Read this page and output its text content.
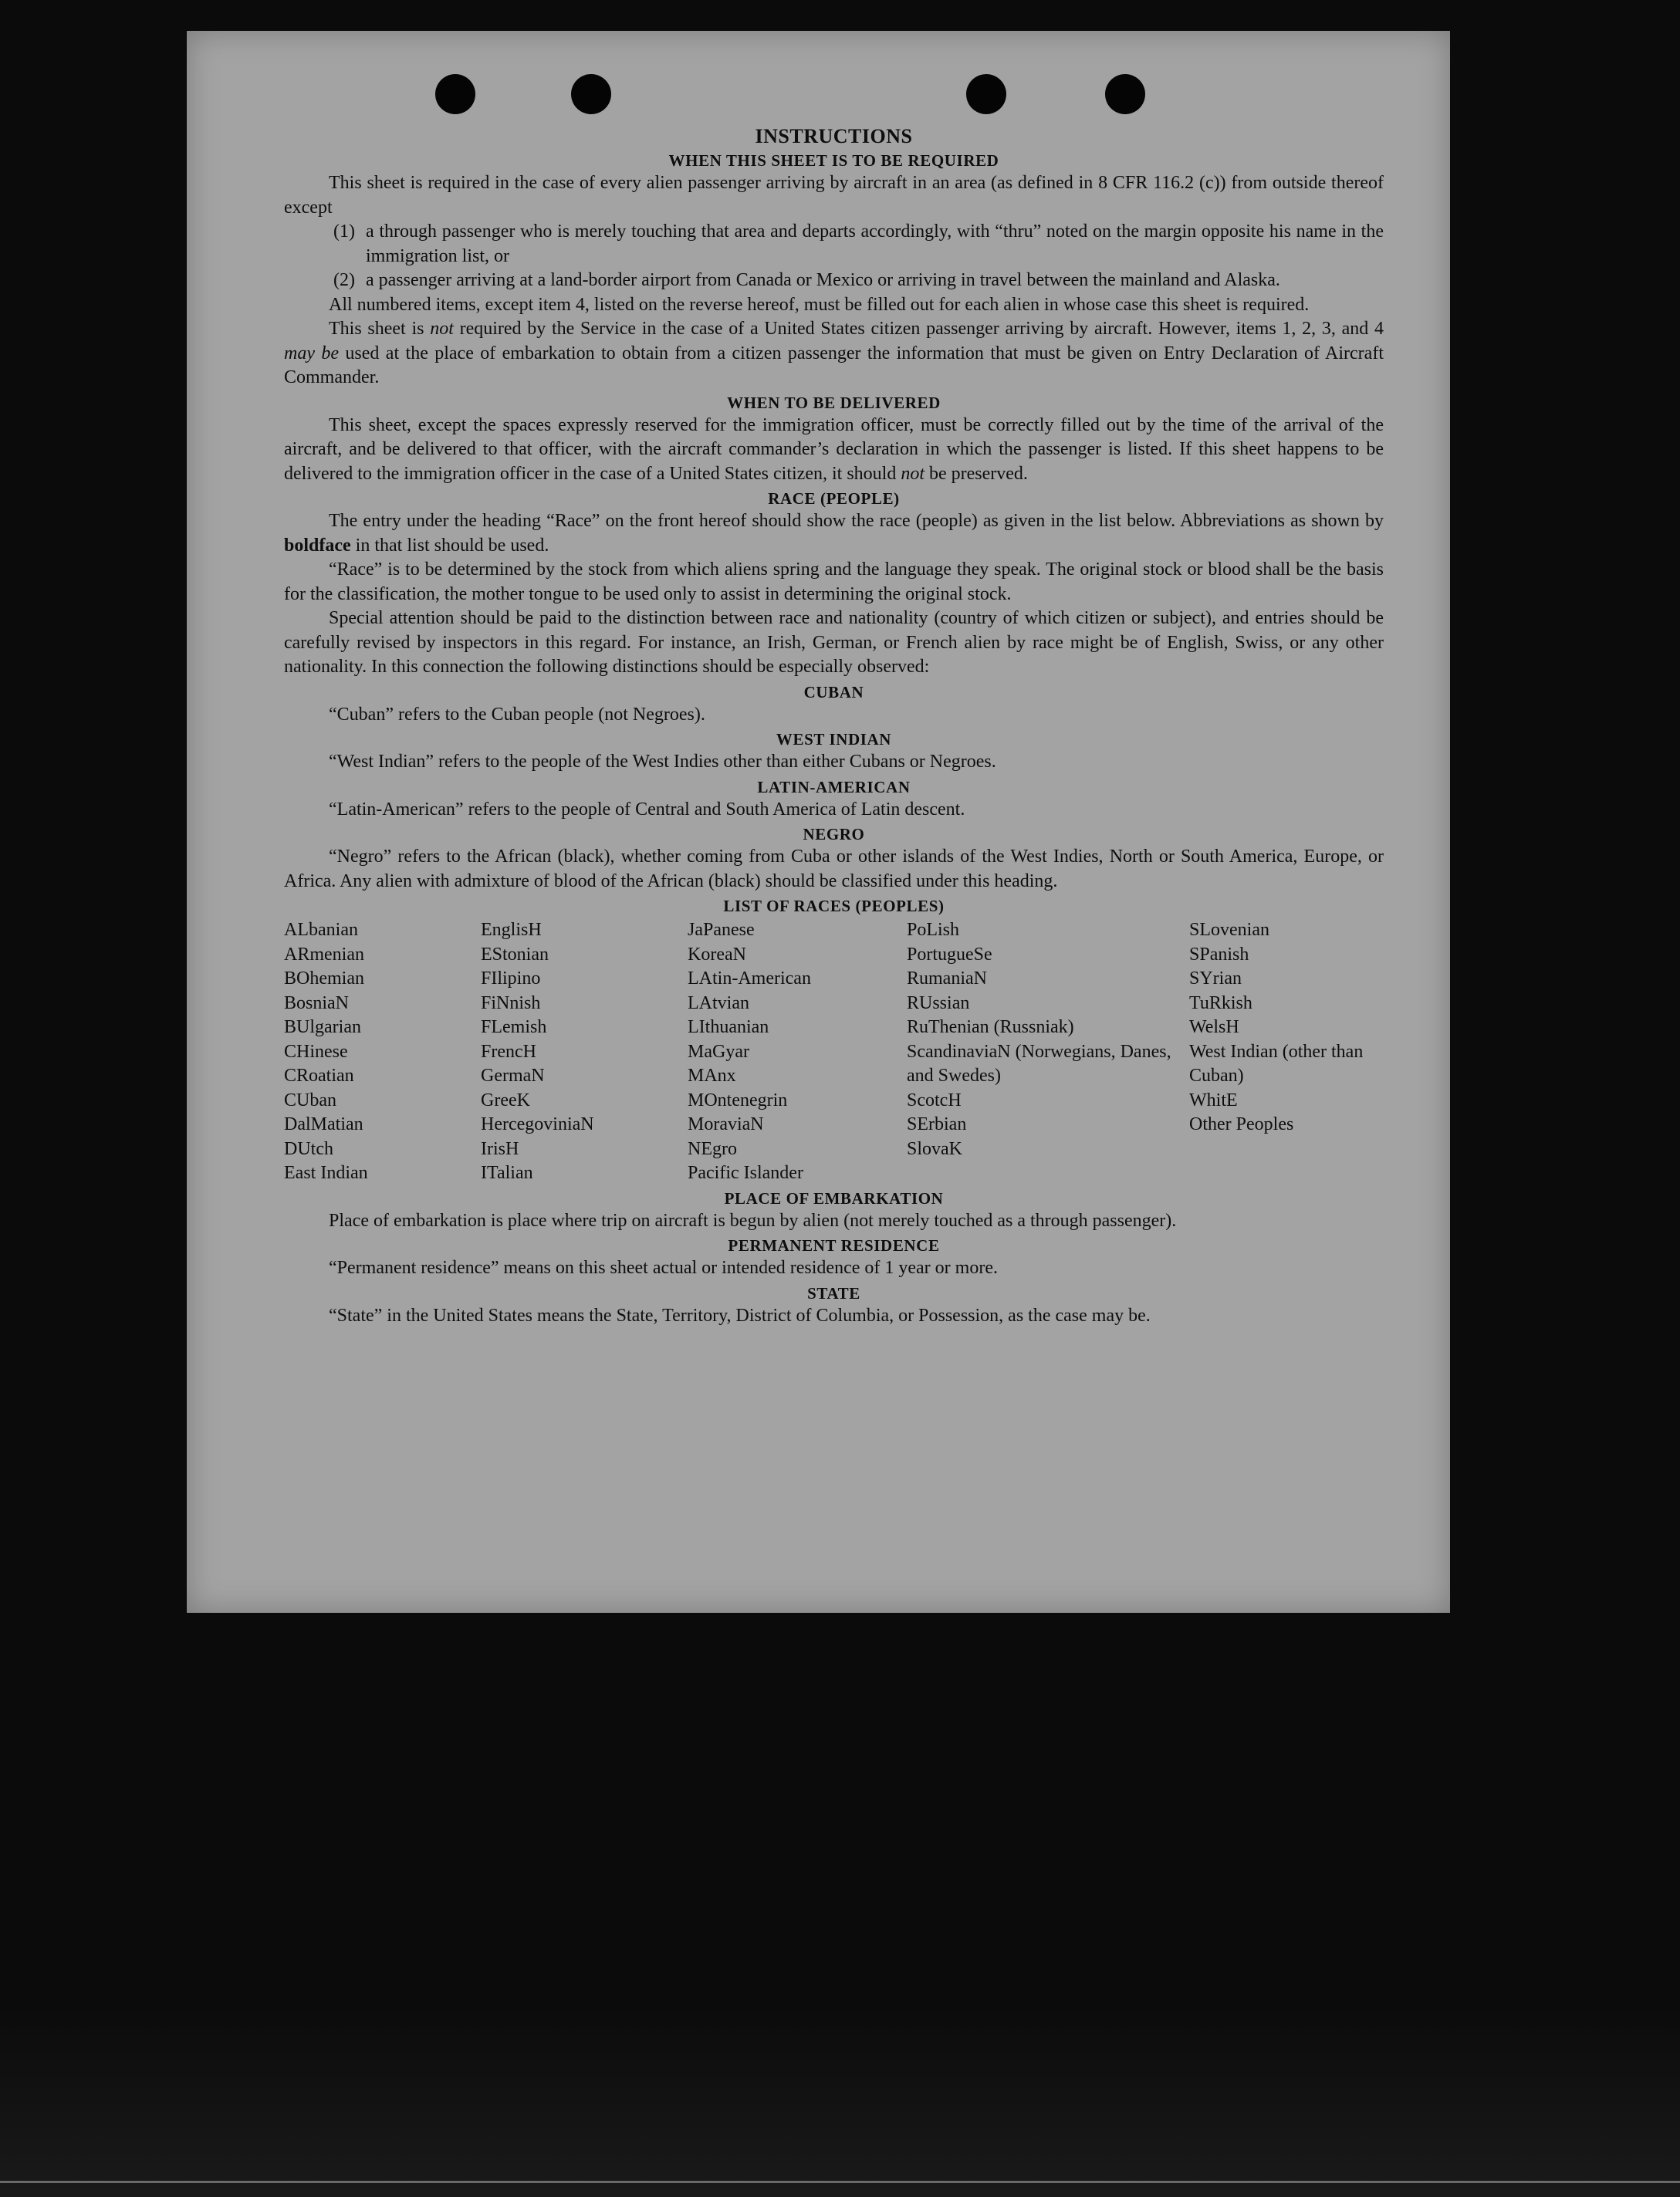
INSTRUCTIONS
WHEN THIS SHEET IS TO BE REQUIRED

This sheet is required in the case of every alien passenger arriving by aircraft in an area (as defined in 8 CFR 116.2 (c)) from outside thereof except

(1) a through passenger who is merely touching that area and departs accordingly, with “thru” noted on the margin opposite his name in the immigration list, or
(2) a passenger arriving at a land-border airport from Canada or Mexico or arriving in travel between the mainland and Alaska.

All numbered items, except item 4, listed on the reverse hereof, must be filled out for each alien in whose case this sheet is required.

This sheet is not required by the Service in the case of a United States citizen passenger arriving by aircraft. However, items 1, 2, 3, and 4 may be used at the place of embarkation to obtain from a citizen passenger the information that must be given on Entry Declaration of Aircraft Commander.

WHEN TO BE DELIVERED

This sheet, except the spaces expressly reserved for the immigration officer, must be correctly filled out by the time of the arrival of the aircraft, and be delivered to that officer, with the aircraft commander’s declaration in which the passenger is listed. If this sheet happens to be delivered to the immigration officer in the case of a United States citizen, it should not be preserved.

RACE (PEOPLE)

The entry under the heading “Race” on the front hereof should show the race (people) as given in the list below. Abbreviations as shown by boldface in that list should be used.

“Race” is to be determined by the stock from which aliens spring and the language they speak. The original stock or blood shall be the basis for the classification, the mother tongue to be used only to assist in determining the original stock.

Special attention should be paid to the distinction between race and nationality (country of which citizen or subject), and entries should be carefully revised by inspectors in this regard. For instance, an Irish, German, or French alien by race might be of English, Swiss, or any other nationality. In this connection the following distinctions should be especially observed:

CUBAN

“Cuban” refers to the Cuban people (not Negroes).

WEST INDIAN

“West Indian” refers to the people of the West Indies other than either Cubans or Negroes.

LATIN-AMERICAN

“Latin-American” refers to the people of Central and South America of Latin descent.

NEGRO

“Negro” refers to the African (black), whether coming from Cuba or other islands of the West Indies, North or South America, Europe, or Africa. Any alien with admixture of blood of the African (black) should be classified under this heading.

LIST OF RACES (PEOPLES)
ALbanian
ARmenian
BOhemian
BosniaN
BUlgarian
CHinese
CRoatian
CUban
DalMatian
DUtch
East Indian
EnglisH
EStonian
FIlipino
FiNnish
FLemish
FrencH
GermaN
GreeK
HercegovinіaN
IrisH
ITalian
JaPanese
KoreaN
LAtin-American
LAtvian
LIthuanian
MaGyar
MAnx
MOntenegrin
MoraviaN
NEgro
Pacific Islander
PoLish
PortugueSe
RumaniaN
RUssian
RuThenian (Russniak)
ScandinaviaN (Norwegians, Danes, and Swedes)
ScotcH
SErbian
SlovaK
SLovenian
SPanish
SYrian
TuRkish
WelsH
West Indian (other than Cuban)
WhitE
Other Peoples
PLACE OF EMBARKATION

Place of embarkation is place where trip on aircraft is begun by alien (not merely touched as a through passenger).

PERMANENT RESIDENCE

“Permanent residence” means on this sheet actual or intended residence of 1 year or more.

STATE

“State” in the United States means the State, Territory, District of Columbia, or Possession, as the case may be.
